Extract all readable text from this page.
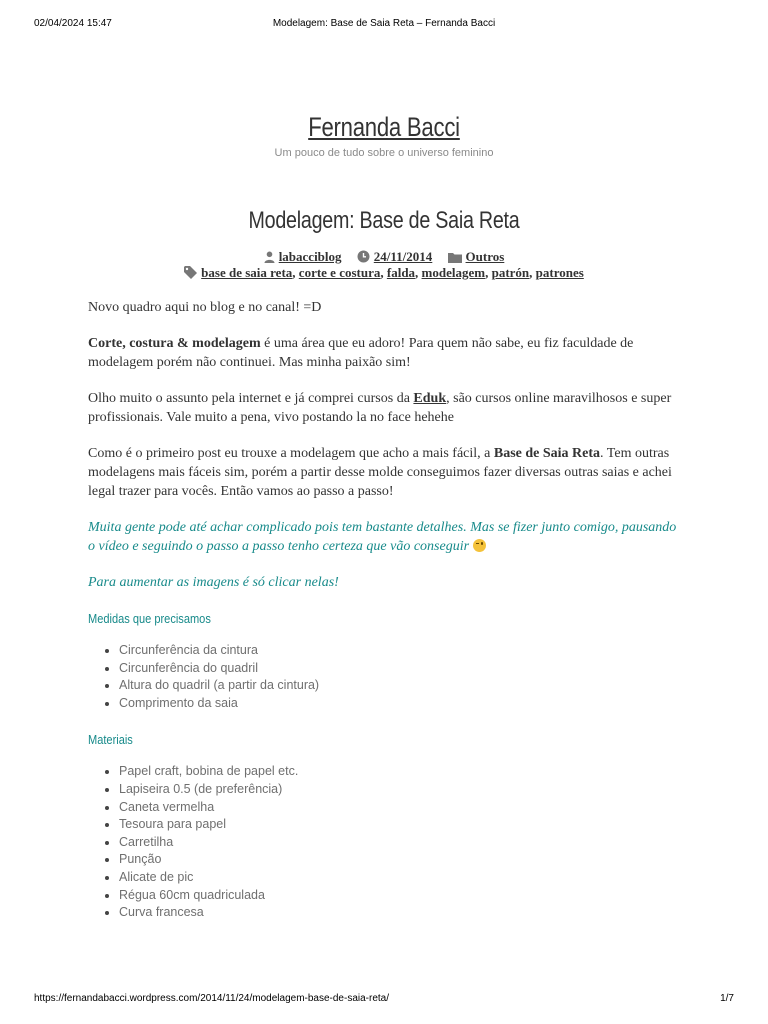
02/04/2024 15:47	Modelagem: Base de Saia Reta – Fernanda Bacci
Fernanda Bacci
Um pouco de tudo sobre o universo feminino
Modelagem: Base de Saia Reta
labacciblog 24/11/2014	Outros
base de saia reta, corte e costura, falda, modelagem, patrón, patrones

Novo quadro aqui no blog e no canal! =D

Corte, costura & modelagem é uma área que eu adoro! Para quem não sabe, eu fiz faculdade de modelagem porém não continuei. Mas minha paixão sim!

Olho muito o assunto pela internet e já comprei cursos da Eduk, são cursos online maravilhosos e super profissionais. Vale muito a pena, vivo postando la no face hehehe

Como é o primeiro post eu trouxe a modelagem que acho a mais fácil, a Base de Saia Reta. Tem outras modelagens mais fáceis sim, porém a partir desse molde conseguimos fazer diversas outras saias e achei legal trazer para vocês. Então vamos ao passo a passo!

Muita gente pode até achar complicado pois tem bastante detalhes. Mas se fizer junto comigo, pausando o vídeo e seguindo o passo a passo tenho certeza que vão conseguir

Para aumentar as imagens é só clicar nelas!

Medidas que precisamos
• Circunferência da cintura
• Circunferência do quadril
• Altura do quadril (a partir da cintura)
• Comprimento da saia
Materiais
• Papel craft, bobina de papel etc.
• Lapiseira 0.5 (de preferência)
• Caneta vermelha
• Tesoura para papel
• Carretilha
• Punção
• Alicate de pic
• Régua 60cm quadriculada
• Curva francesa
https://fernandabacci.wordpress.com/2014/11/24/modelagem-base-de-saia-reta/	1/7
